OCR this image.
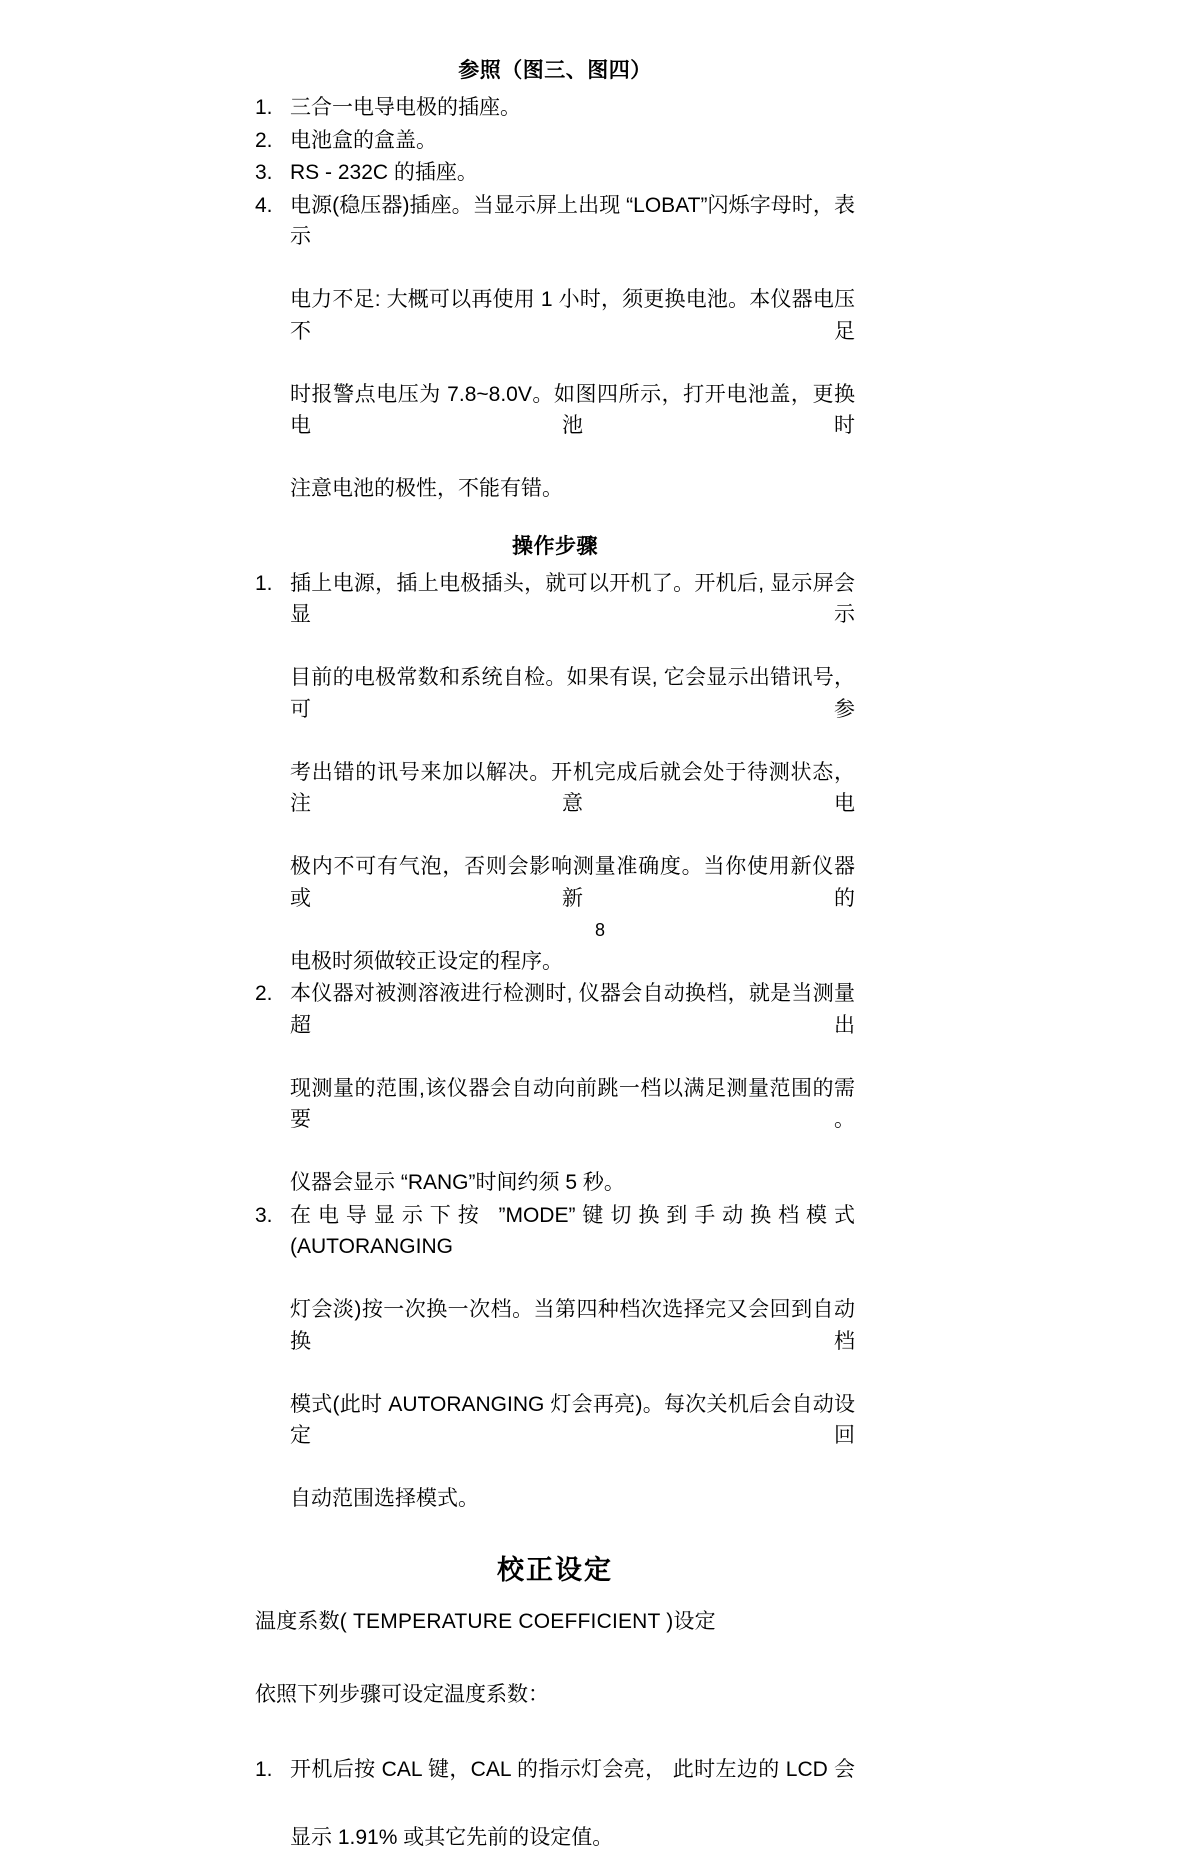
参照（图三、图四）
1. 三合一电导电极的插座。
2. 电池盒的盒盖。
3. RS - 232C 的插座。
4. 电源(稳压器)插座。当显示屏上出现 “LOBAT”闪烁字母时，表示
电力不足: 大概可以再使用 1 小时，须更换电池。本仪器电压不足
时报警点电压为 7.8~8.0V。如图四所示，打开电池盖，更换电池时
注意电池的极性，不能有错。
操作步骤
1. 插上电源，插上电极插头，就可以开机了。开机后, 显示屏会显示
目前的电极常数和系统自检。如果有误, 它会显示出错讯号，可参
考出错的讯号来加以解决。开机完成后就会处于待测状态，注意电
极内不可有气泡，否则会影响测量准确度。当你使用新仪器或新的
电极时须做较正设定的程序。
2. 本仪器对被测溶液进行检测时, 仪器会自动换档，就是当测量超出
现测量的范围,该仪器会自动向前跳一档以满足测量范围的需要。
仪器会显示 “RANG”时间约须 5 秒。
3. 在电导显示下按 ”MODE”键切换到手动换档模式(AUTORANGING
灯会淡)按一次换一次档。当第四种档次选择完又会回到自动换档
模式(此时 AUTORANGING 灯会再亮)。每次关机后会自动设定回
自动范围选择模式。
校正设定

温度系数( TEMPERATURE COEFFICIENT )设定

依照下列步骤可设定温度系数：

1. 开机后按 CAL 键，CAL 的指示灯会亮， 此时左边的 LCD 会
显示 1.91% 或其它先前的设定值。
8
